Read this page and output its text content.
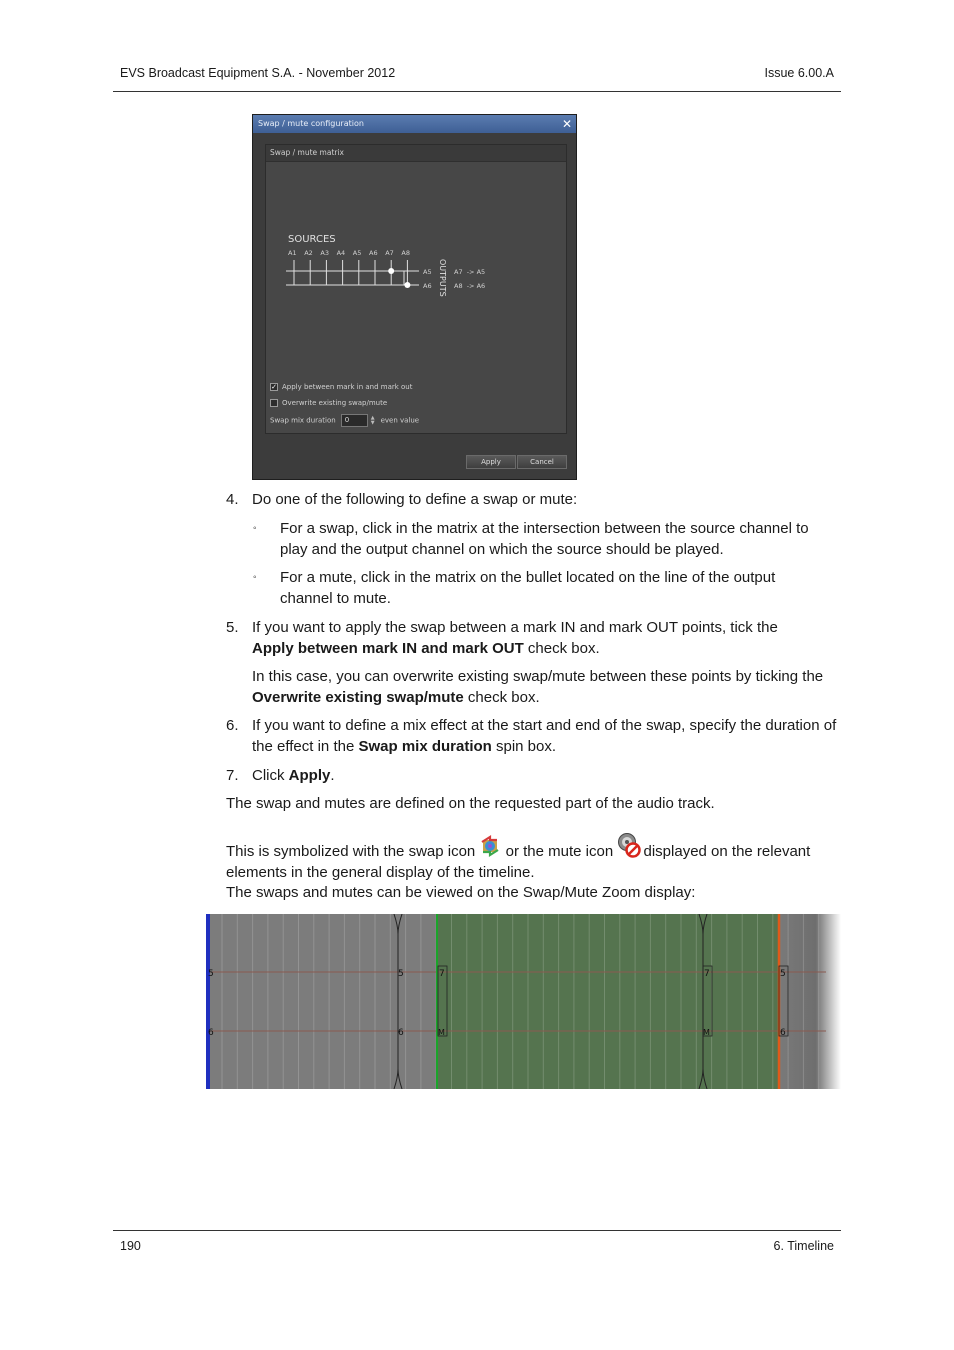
EVS Broadcast Equipment S.A. - November 2012	Issue 6.00.A
Swap / mute configuration	✕
Swap / mute matrix
SOURCES
A1 A2 A3 A4 A5 A6 A7 A8
OUTPUTS
A5
A6
A7  -> A5
A8  -> A6
✓ Apply between mark in and mark out
Overwrite existing swap/mute
Swap mix duration 0	▲
▼ even value
Apply	Cancel
4. Do one of the following to define a swap or mute:
◦ For a swap, click in the matrix at the intersection between the source channel to play and the output channel on which the source should be played.
◦ For a mute, click in the matrix on the bullet located on the line of the output channel to mute.
5. If you want to apply the swap between a mark IN and mark OUT points, tick the
Apply between mark IN and mark OUT check box.
In this case, you can overwrite existing swap/mute between these points by ticking the Overwrite existing swap/mute check box.
6. If you want to define a mix effect at the start and end of the swap, specify the duration of the effect in the Swap mix duration spin box.
7. Click Apply.
The swap and mutes are defined on the requested part of the audio track.
This is symbolized with the swap icon  or the mute icon  displayed on the relevant elements in the general display of the timeline.
The swaps and mutes can be viewed on the Swap/Mute Zoom display:
5
6
5
6
7
M
7
M
5
6
190	6. Timeline
